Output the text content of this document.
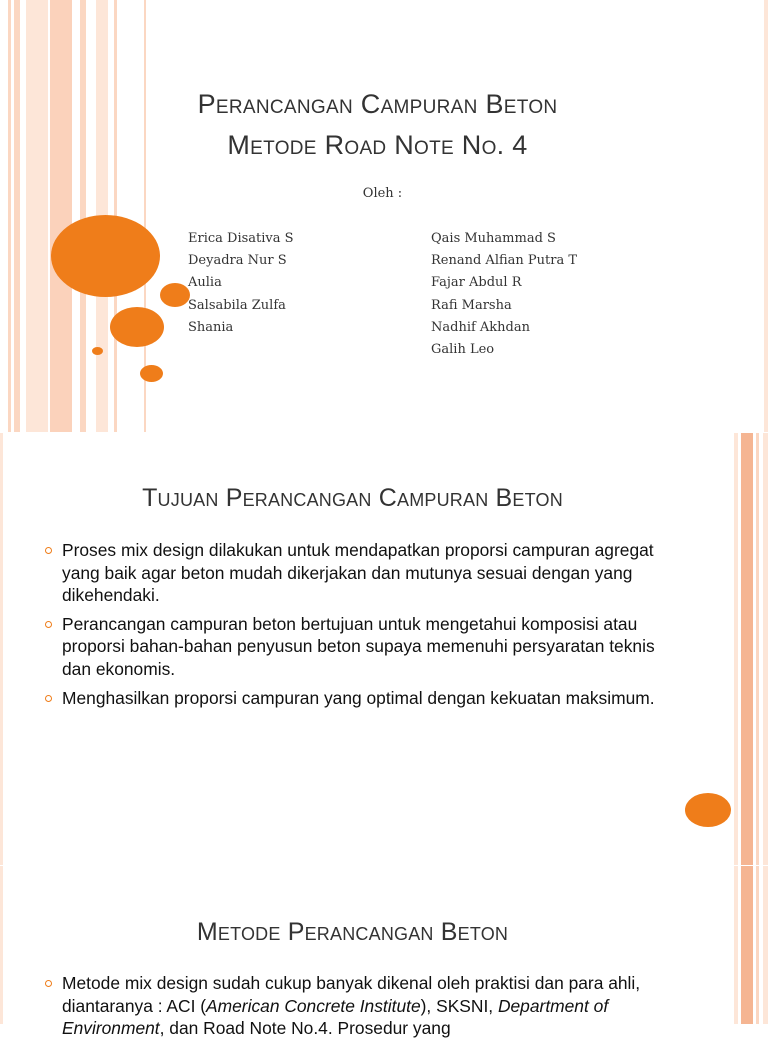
Perancangan Campuran Beton
Metode Road Note No. 4
Oleh :
Erica Disativa S
Deyadra Nur S
Aulia
Salsabila Zulfa
Shania
Qais Muhammad S
Renand Alfian Putra T
Fajar Abdul R
Rafi Marsha
Nadhif Akhdan
Galih Leo
Tujuan Perancangan Campuran Beton
Proses mix design dilakukan untuk mendapatkan proporsi campuran agregat yang baik agar beton mudah dikerjakan dan mutunya sesuai dengan yang dikehendaki.
Perancangan campuran beton bertujuan untuk mengetahui komposisi atau proporsi bahan-bahan penyusun beton supaya memenuhi persyaratan teknis dan ekonomis.
Menghasilkan proporsi campuran yang optimal dengan kekuatan maksimum.
Metode Perancangan Beton
Metode mix design sudah cukup banyak dikenal oleh praktisi dan para ahli, diantaranya : ACI (American Concrete Institute), SKSNI, Department of Environment, dan Road Note No.4. Prosedur yang
